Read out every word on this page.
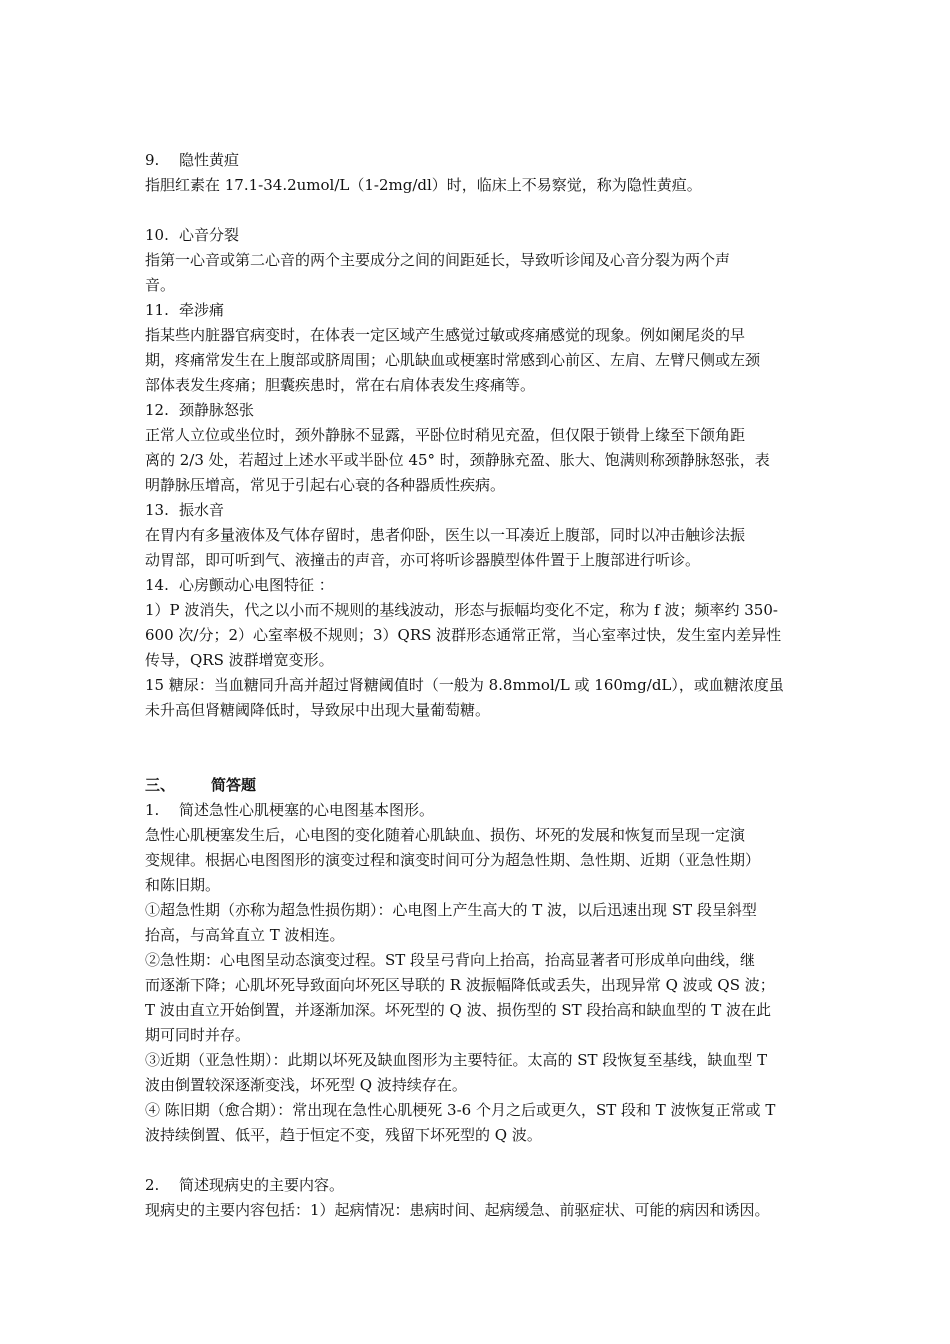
9. 隐性黄疸
指胆红素在 17.1-34.2umol/L（1-2mg/dl）时，临床上不易察觉，称为隐性黄疸。
10. 心音分裂
指第一心音或第二心音的两个主要成分之间的间距延长，导致听诊闻及心音分裂为两个声
音。
11. 牵涉痛
指某些内脏器官病变时，在体表一定区域产生感觉过敏或疼痛感觉的现象。例如阑尾炎的早
期，疼痛常发生在上腹部或脐周围；心肌缺血或梗塞时常感到心前区、左肩、左臂尺侧或左颈
部体表发生疼痛；胆囊疾患时，常在右肩体表发生疼痛等。
12. 颈静脉怒张
正常人立位或坐位时，颈外静脉不显露，平卧位时稍见充盈，但仅限于锁骨上缘至下颌角距
离的 2/3 处，若超过上述水平或半卧位 45° 时，颈静脉充盈、胀大、饱满则称颈静脉怒张，表
明静脉压增高，常见于引起右心衰的各种器质性疾病。
13. 振水音
在胃内有多量液体及气体存留时，患者仰卧，医生以一耳凑近上腹部，同时以冲击触诊法振
动胃部，即可听到气、液撞击的声音，亦可将听诊器膜型体件置于上腹部进行听诊。
14. 心房颤动心电图特征 ：
1）P 波消失，代之以小而不规则的基线波动，形态与振幅均变化不定，称为 f 波；频率约 350-
600 次/分；2）心室率极不规则；3）QRS 波群形态通常正常，当心室率过快，发生室内差异性
传导，QRS 波群增宽变形。
15 糖尿：当血糖同升高并超过肾糖阈值时（一般为 8.8mmol/L 或 160mg/dL），或血糖浓度虽
未升高但肾糖阈降低时，导致尿中出现大量葡萄糖。
三、 简答题
1. 简述急性心肌梗塞的心电图基本图形。
急性心肌梗塞发生后，心电图的变化随着心肌缺血、损伤、坏死的发展和恢复而呈现一定演
变规律。根据心电图图形的演变过程和演变时间可分为超急性期、急性期、近期（亚急性期）
和陈旧期。
①超急性期（亦称为超急性损伤期）：心电图上产生高大的 T 波，以后迅速出现 ST 段呈斜型
抬高，与高耸直立 T 波相连。
②急性期：心电图呈动态演变过程。ST 段呈弓背向上抬高，抬高显著者可形成单向曲线，继
而逐渐下降；心肌坏死导致面向坏死区导联的 R 波振幅降低或丢失，出现异常 Q 波或 QS 波；
T 波由直立开始倒置，并逐渐加深。坏死型的 Q 波、损伤型的 ST 段抬高和缺血型的 T 波在此
期可同时并存。
③近期（亚急性期）：此期以坏死及缺血图形为主要特征。太高的 ST 段恢复至基线，缺血型 T
波由倒置较深逐渐变浅，坏死型 Q 波持续存在。
④ 陈旧期（愈合期）：常出现在急性心肌梗死 3-6 个月之后或更久，ST 段和 T 波恢复正常或 T
波持续倒置、低平，趋于恒定不变，残留下坏死型的 Q 波。
2. 简述现病史的主要内容。
现病史的主要内容包括：1）起病情况：患病时间、起病缓急、前驱症状、可能的病因和诱因。
